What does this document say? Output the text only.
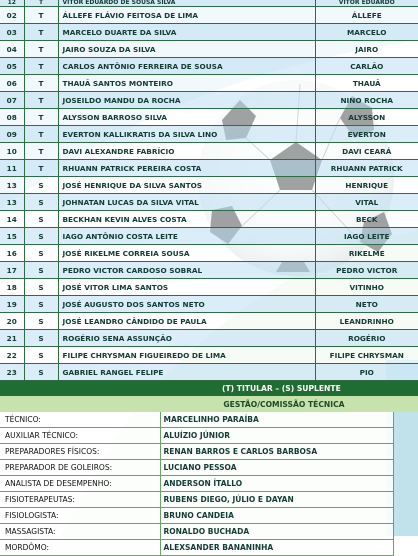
12	T	VITOR EDUARDO DE SOUSA SILVA	VITOR EDUARDO
02	T	ÁLLEFE FLÁVIO FEITOSA DE LIMA	ÁLLEFE
03	T	MARCELO DUARTE DA SILVA	MARCELO
04	T	JAIRO SOUZA DA SILVA	JAIRO
05	T	CARLOS ANTÔNIO FERREIRA DE SOUSA	CARLÃO
06	T	THAUÃ SANTOS MONTEIRO	THAUÃ
07	T	JOSEILDO MANDU DA ROCHA	NINO ROCHA
08	T	ALYSSON BARROSO SILVA	ALYSSON
09	T	EVERTON KALLIKRATIS DA SILVA LINO	EVERTON
10	T	DAVI ALEXANDRE FABRÍCIO	DAVI CEARÁ
11	T	RHUANN PATRICK PEREIRA COSTA	RHUANN PATRICK
13	S	JOSÉ HENRIQUE DA SILVA SANTOS	HENRIQUE
13	S	JOHNATAN LUCAS DA SILVA VITAL	VITAL
14	S	BECKHAN KEVIN ALVES COSTA	BECK
15	S	IAGO ANTÔNIO COSTA LEITE	IAGO LEITE
16	S	JOSÉ RIKELME CORREIA SOUSA	RIKELME
17	S	PEDRO VICTOR CARDOSO SOBRAL	PEDRO VICTOR
18	S	JOSÉ VITOR LIMA SANTOS	VITINHO
19	S	JOSÉ AUGUSTO DOS SANTOS NETO	NETO
20	S	JOSÉ LEANDRO CÂNDIDO DE PAULA	LEANDRINHO
21	S	ROGÉRIO SENA ASSUNÇÃO	ROGÉRIO
22	S	FILIPE CHRYSMAN FIGUEIREDO DE LIMA	FILIPE CHRYSMAN
23	S	GABRIEL RANGEL FELIPE	PIO
(T) TITULAR – (S) SUPLENTE
GESTÃO/COMISSÃO TÉCNICA
TÉCNICO:	MARCELINHO PARAÍBA
AUXILIAR TÉCNICO:	ALUÍZIO JÚNIOR
PREPARADORES FÍSICOS:	RENAN BARROS E CARLOS BARBOSA
PREPARADOR DE GOLEIROS:	LUCIANO PESSOA
ANALISTA DE DESEMPENHO:	ANDERSON ÍTALLO
FISIOTERAPEUTAS:	RUBENS DIEGO, JÚLIO E DAYAN
FISIOLOGISTA:	BRUNO CANDEIA
MASSAGISTA:	RONALDO BUCHADA
MORDÔMO:	ALEXSANDER BANANINHA
